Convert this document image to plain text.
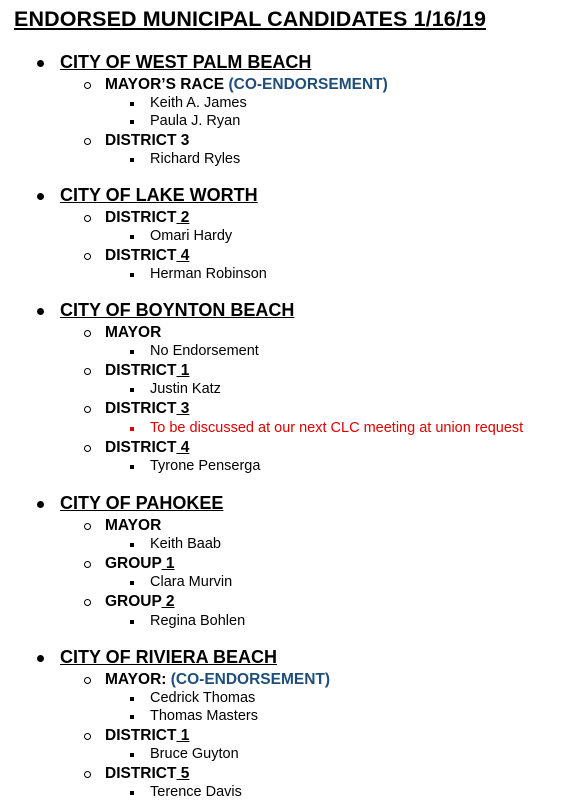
ENDORSED MUNICIPAL CANDIDATES 1/16/19
CITY OF WEST PALM BEACH
MAYOR’S RACE (CO-ENDORSEMENT)
Keith A. James
Paula J. Ryan
DISTRICT 3
Richard Ryles
CITY OF LAKE WORTH
DISTRICT 2
Omari Hardy
DISTRICT 4
Herman Robinson
CITY OF BOYNTON BEACH
MAYOR
No Endorsement
DISTRICT 1
Justin Katz
DISTRICT 3
To be discussed at our next CLC meeting at union request
DISTRICT 4
Tyrone Penserga
CITY OF PAHOKEE
MAYOR
Keith Baab
GROUP 1
Clara Murvin
GROUP 2
Regina Bohlen
CITY OF RIVIERA BEACH
MAYOR: (CO-ENDORSEMENT)
Cedrick Thomas
Thomas Masters
DISTRICT 1
Bruce Guyton
DISTRICT 5
Terence Davis
